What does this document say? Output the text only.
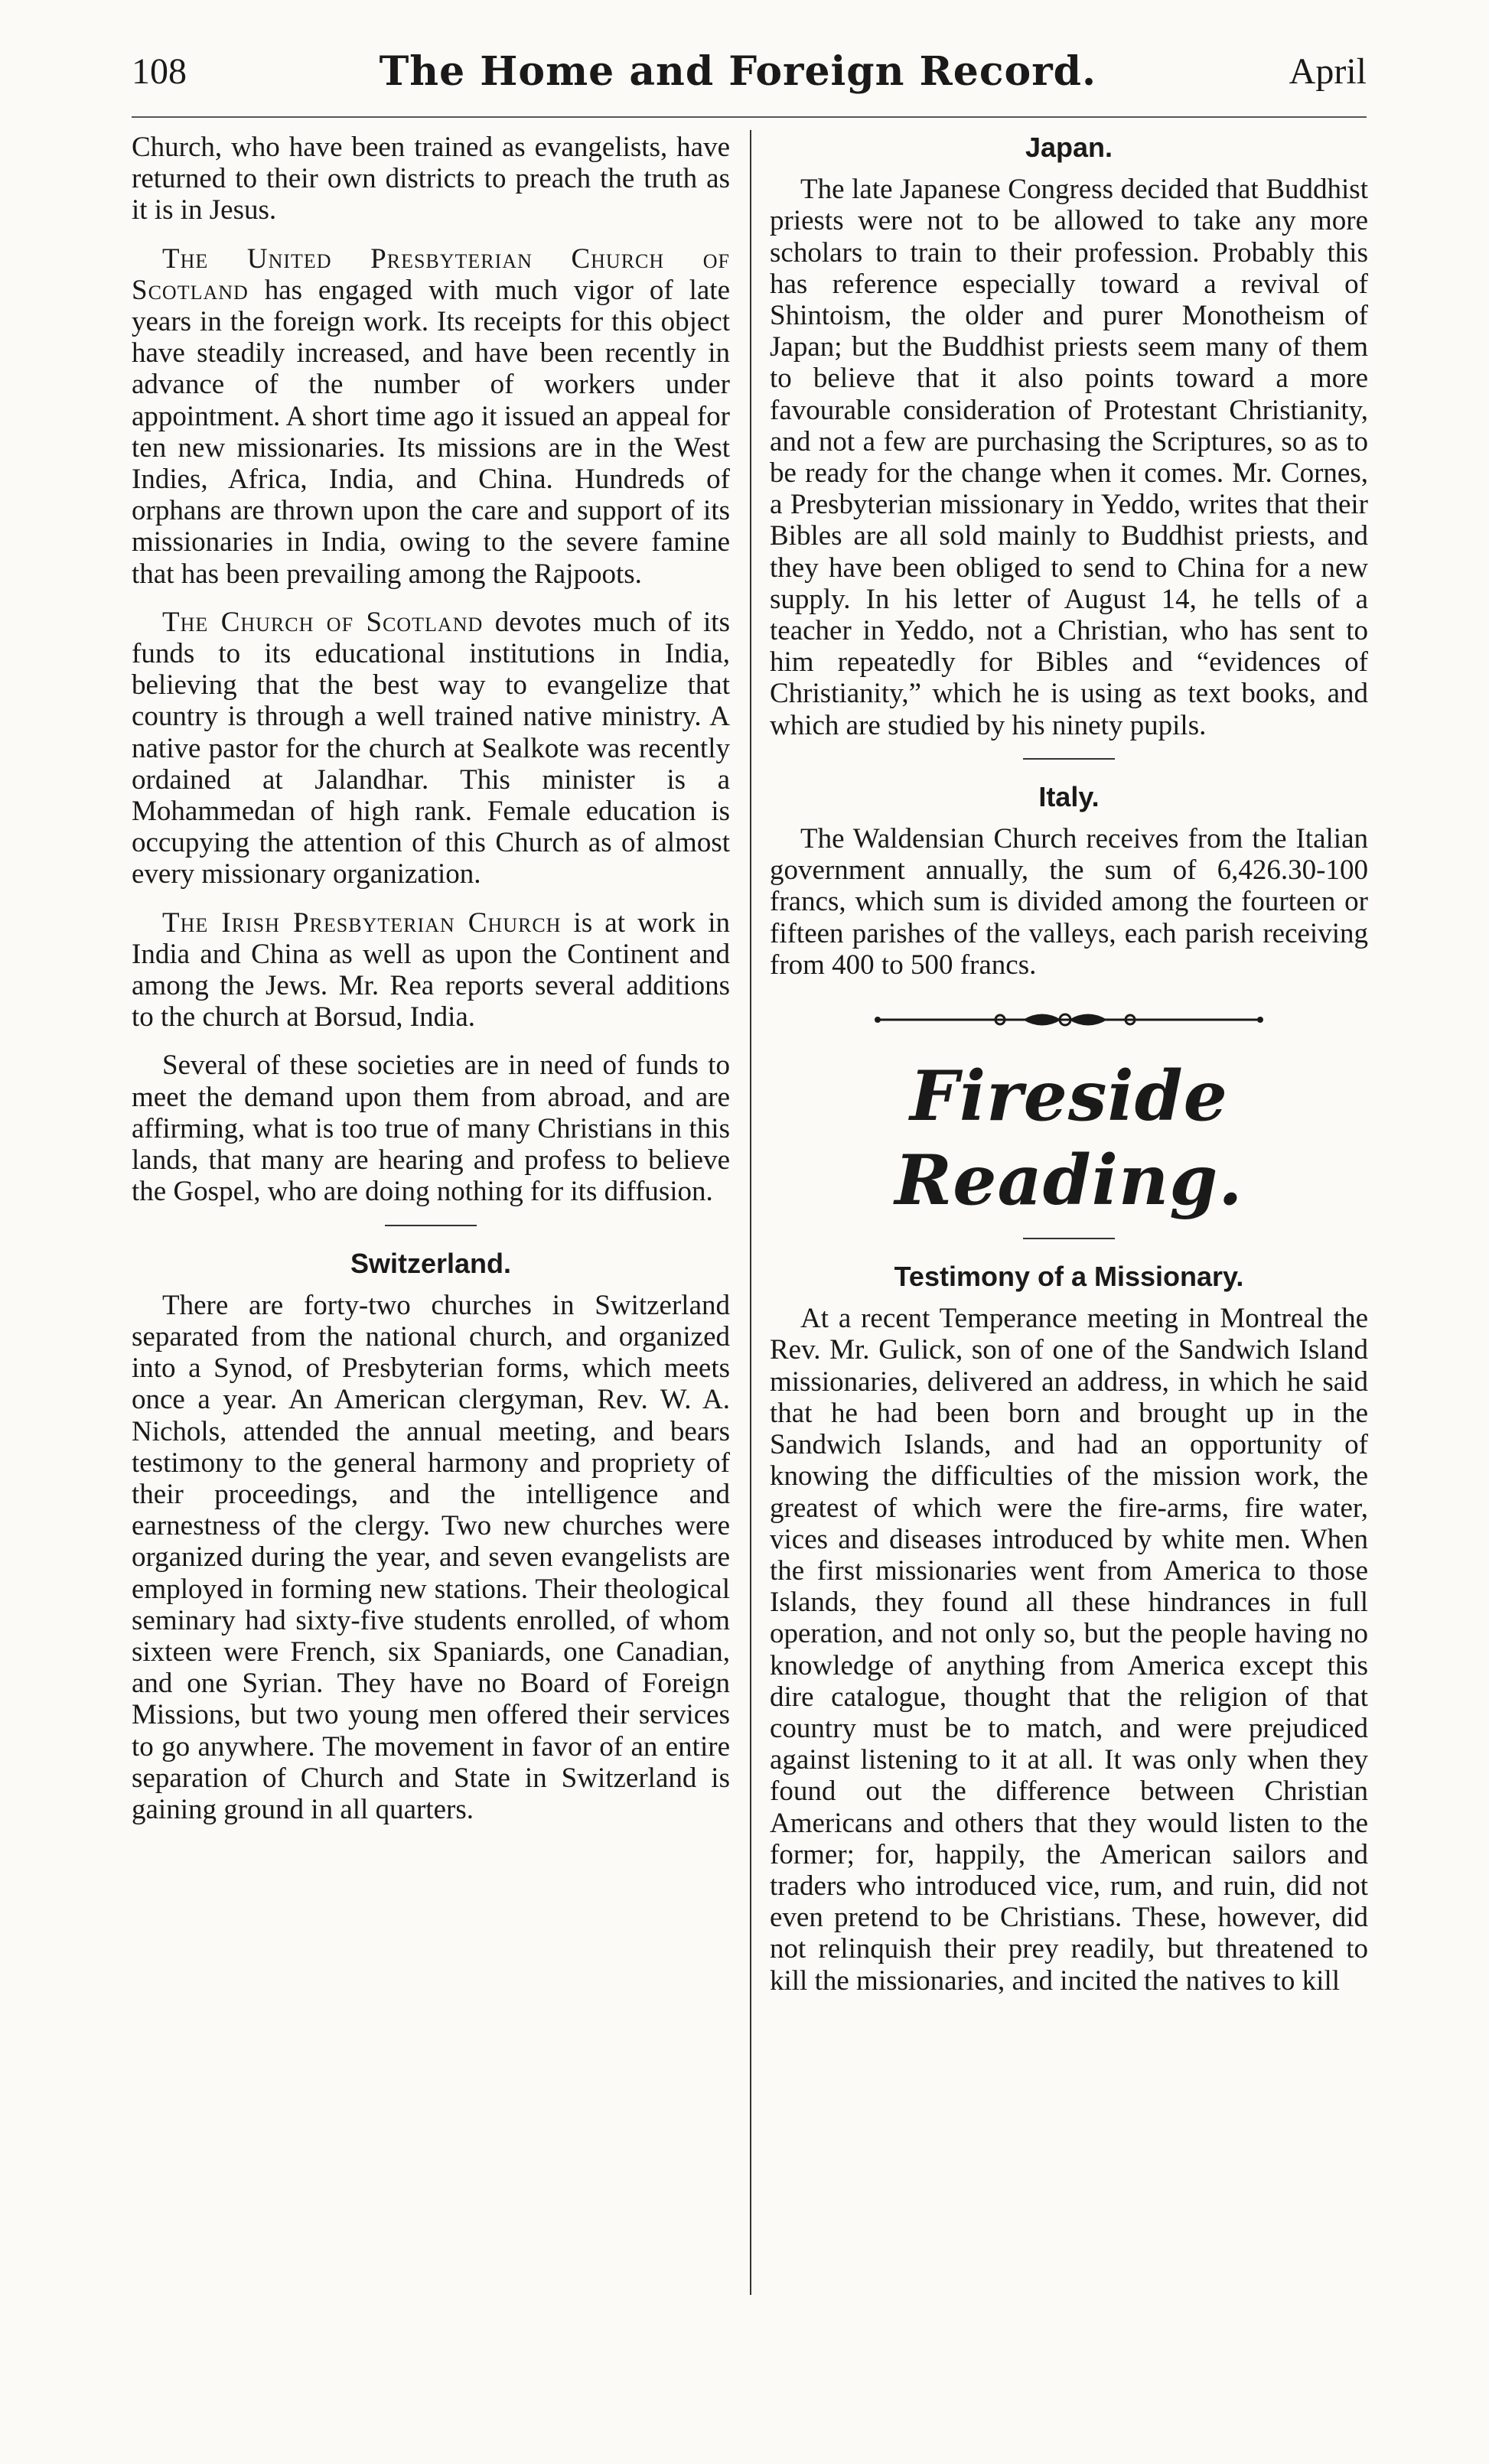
108	The Home and Foreign Record.	April

Church, who have been trained as evangelists, have returned to their own districts to preach the truth as it is in Jesus.

The United Presbyterian Church of Scotland has engaged with much vigor of late years in the foreign work. Its receipts for this object have steadily increased, and have been recently in advance of the number of workers under appointment. A short time ago it issued an appeal for ten new missionaries. Its missions are in the West Indies, Africa, India, and China. Hundreds of orphans are thrown upon the care and support of its missionaries in India, owing to the severe famine that has been prevailing among the Rajpoots.

The Church of Scotland devotes much of its funds to its educational institutions in India, believing that the best way to evangelize that country is through a well trained native ministry. A native pastor for the church at Sealkote was recently ordained at Jalandhar. This minister is a Mohammedan of high rank. Female education is occupying the attention of this Church as of almost every missionary organization.

The Irish Presbyterian Church is at work in India and China as well as upon the Continent and among the Jews. Mr. Rea reports several additions to the church at Borsud, India.

Several of these societies are in need of funds to meet the demand upon them from abroad, and are affirming, what is too true of many Christians in this lands, that many are hearing and profess to believe the Gospel, who are doing nothing for its diffusion.

Switzerland.

There are forty-two churches in Switzerland separated from the national church, and organized into a Synod, of Presbyterian forms, which meets once a year. An American clergyman, Rev. W. A. Nichols, attended the annual meeting, and bears testimony to the general harmony and propriety of their proceedings, and the intelligence and earnestness of the clergy. Two new churches were organized during the year, and seven evangelists are employed in forming new stations. Their theological seminary had sixty-five students enrolled, of whom sixteen were French, six Spaniards, one Canadian, and one Syrian. They have no Board of Foreign Missions, but two young men offered their services to go anywhere. The movement in favor of an entire separation of Church and State in Switzerland is gaining ground in all quarters.

Japan.

The late Japanese Congress decided that Buddhist priests were not to be allowed to take any more scholars to train to their profession. Probably this has reference especially toward a revival of Shintoism, the older and purer Monotheism of Japan; but the Buddhist priests seem many of them to believe that it also points toward a more favourable consideration of Protestant Christianity, and not a few are purchasing the Scriptures, so as to be ready for the change when it comes. Mr. Cornes, a Presbyterian missionary in Yeddo, writes that their Bibles are all sold mainly to Buddhist priests, and they have been obliged to send to China for a new supply. In his letter of August 14, he tells of a teacher in Yeddo, not a Christian, who has sent to him repeatedly for Bibles and “evidences of Christianity,” which he is using as text books, and which are studied by his ninety pupils.

Italy.

The Waldensian Church receives from the Italian government annually, the sum of 6,426.30-100 francs, which sum is divided among the fourteen or fifteen parishes of the valleys, each parish receiving from 400 to 500 francs.

Fireside Reading.
Testimony of a Missionary.

At a recent Temperance meeting in Montreal the Rev. Mr. Gulick, son of one of the Sandwich Island missionaries, delivered an address, in which he said that he had been born and brought up in the Sandwich Islands, and had an opportunity of knowing the difficulties of the mission work, the greatest of which were the fire-arms, fire water, vices and diseases introduced by white men. When the first missionaries went from America to those Islands, they found all these hindrances in full operation, and not only so, but the people having no knowledge of anything from America except this dire catalogue, thought that the religion of that country must be to match, and were prejudiced against listening to it at all. It was only when they found out the difference between Christian Americans and others that they would listen to the former; for, happily, the American sailors and traders who introduced vice, rum, and ruin, did not even pretend to be Christians. These, however, did not relinquish their prey readily, but threatened to kill the missionaries, and incited the natives to kill
